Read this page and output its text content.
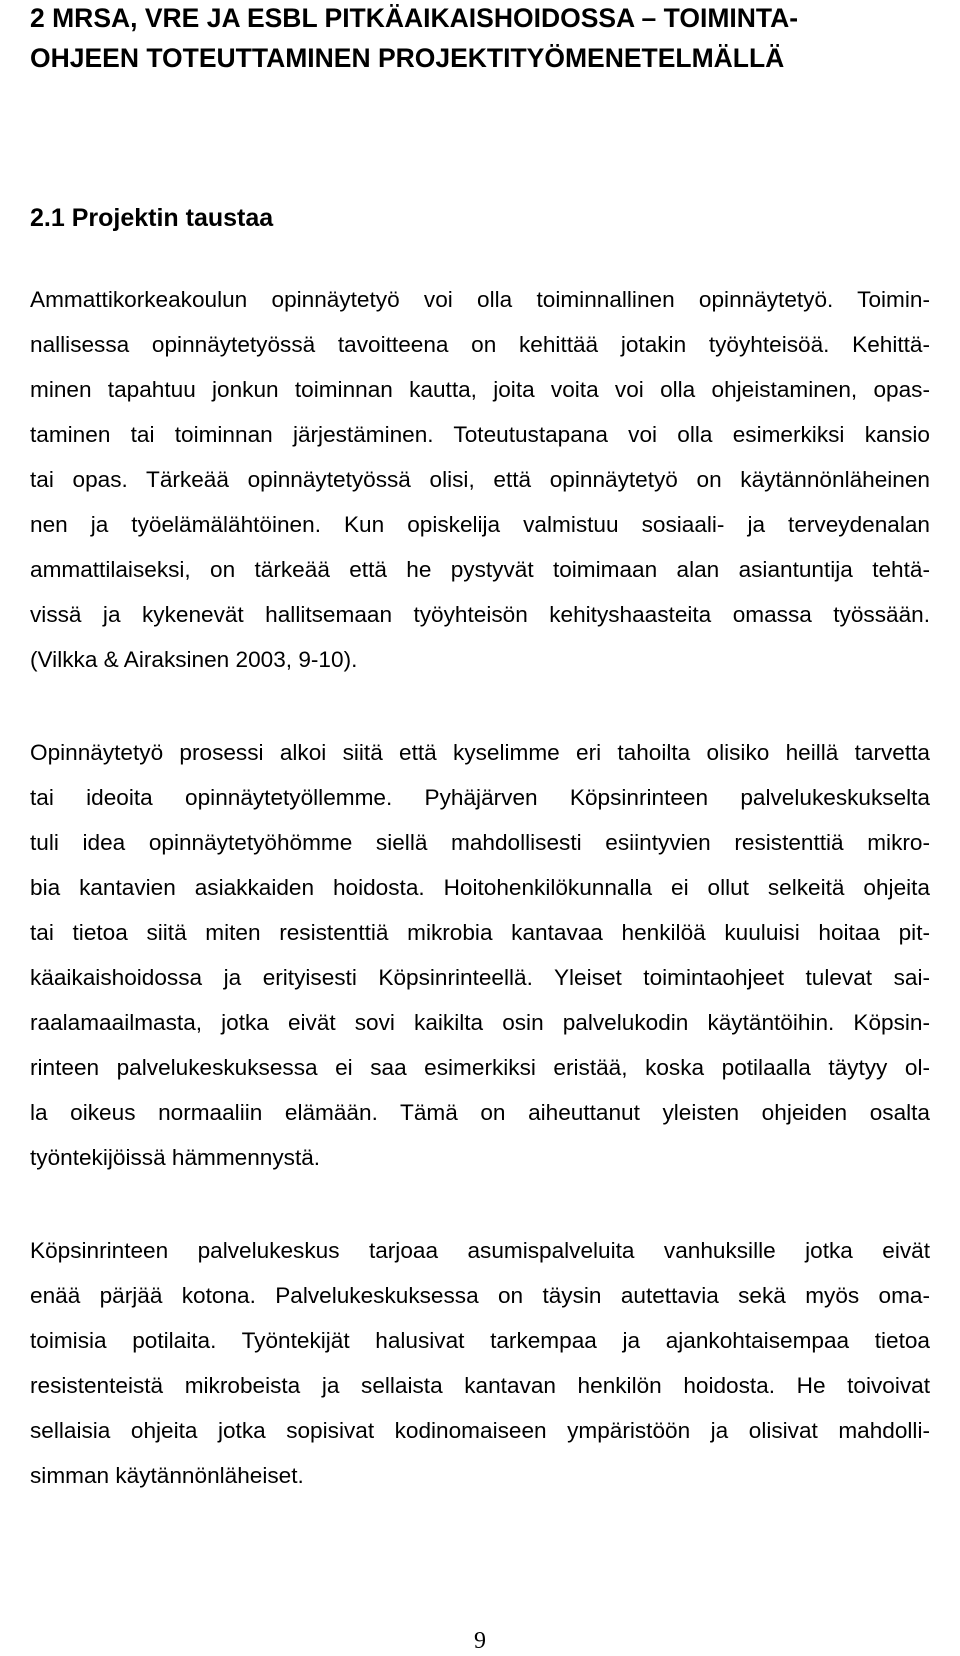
2 MRSA, VRE JA ESBL PITKÄAIKAISHOIDOSSA – TOIMINTA-
OHJEEN TOTEUTTAMINEN PROJEKTITYÖMENETELMÄLLÄ
2.1 Projektin taustaa
Ammattikorkeakoulun opinnäytetyö voi olla toiminnallinen opinnäytetyö. Toimin-
nallisessa opinnäytetyössä tavoitteena on kehittää jotakin työyhteisöä. Kehittä-
minen tapahtuu jonkun toiminnan kautta, joita voita voi olla ohjeistaminen, opas-
taminen tai toiminnan järjestäminen. Toteutustapana voi olla esimerkiksi kansio
tai opas. Tärkeää opinnäytetyössä olisi, että opinnäytetyö on käytännönläheinen
nen ja työelämälähtöinen. Kun opiskelija valmistuu sosiaali- ja terveydenalan
ammattilaiseksi, on tärkeää että he pystyvät toimimaan alan asiantuntija tehtä-
vissä ja kykenevät hallitsemaan työyhteisön kehityshaasteita omassa työssään.
(Vilkka & Airaksinen 2003, 9-10).
Opinnäytetyö prosessi alkoi siitä että kyselimme eri tahoilta olisiko heillä tarvetta
tai ideoita opinnäytetyöllemme. Pyhäjärven Köpsinrinteen palvelukeskukselta
tuli idea opinnäytetyöhömme siellä mahdollisesti esiintyvien resistenttiä mikro-
bia kantavien asiakkaiden hoidosta. Hoitohenkilökunnalla ei ollut selkeitä ohjeita
tai tietoa siitä miten resistenttiä mikrobia kantavaa henkilöä kuuluisi hoitaa pit-
käaikaishoidossa ja erityisesti Köpsinrinteellä. Yleiset toimintaohjeet tulevat sai-
raalamaailmasta, jotka eivät sovi kaikilta osin palvelukodin käytäntöihin. Köpsin-
rinteen palvelukeskuksessa ei saa esimerkiksi eristää, koska potilaalla täytyy ol-
la oikeus normaaliin elämään. Tämä on aiheuttanut yleisten ohjeiden osalta
työntekijöissä hämmennystä.
Köpsinrinteen palvelukeskus tarjoaa asumispalveluita vanhuksille jotka eivät
enää pärjää kotona. Palvelukeskuksessa on täysin autettavia sekä myös oma-
toimisia potilaita. Työntekijät halusivat tarkempaa ja ajankohtaisempaa tietoa
resistenteistä mikrobeista ja sellaista kantavan henkilön hoidosta. He toivoivat
sellaisia ohjeita jotka sopisivat kodinomaiseen ympäristöön ja olisivat mahdolli-
simman käytännönläheiset.
9
